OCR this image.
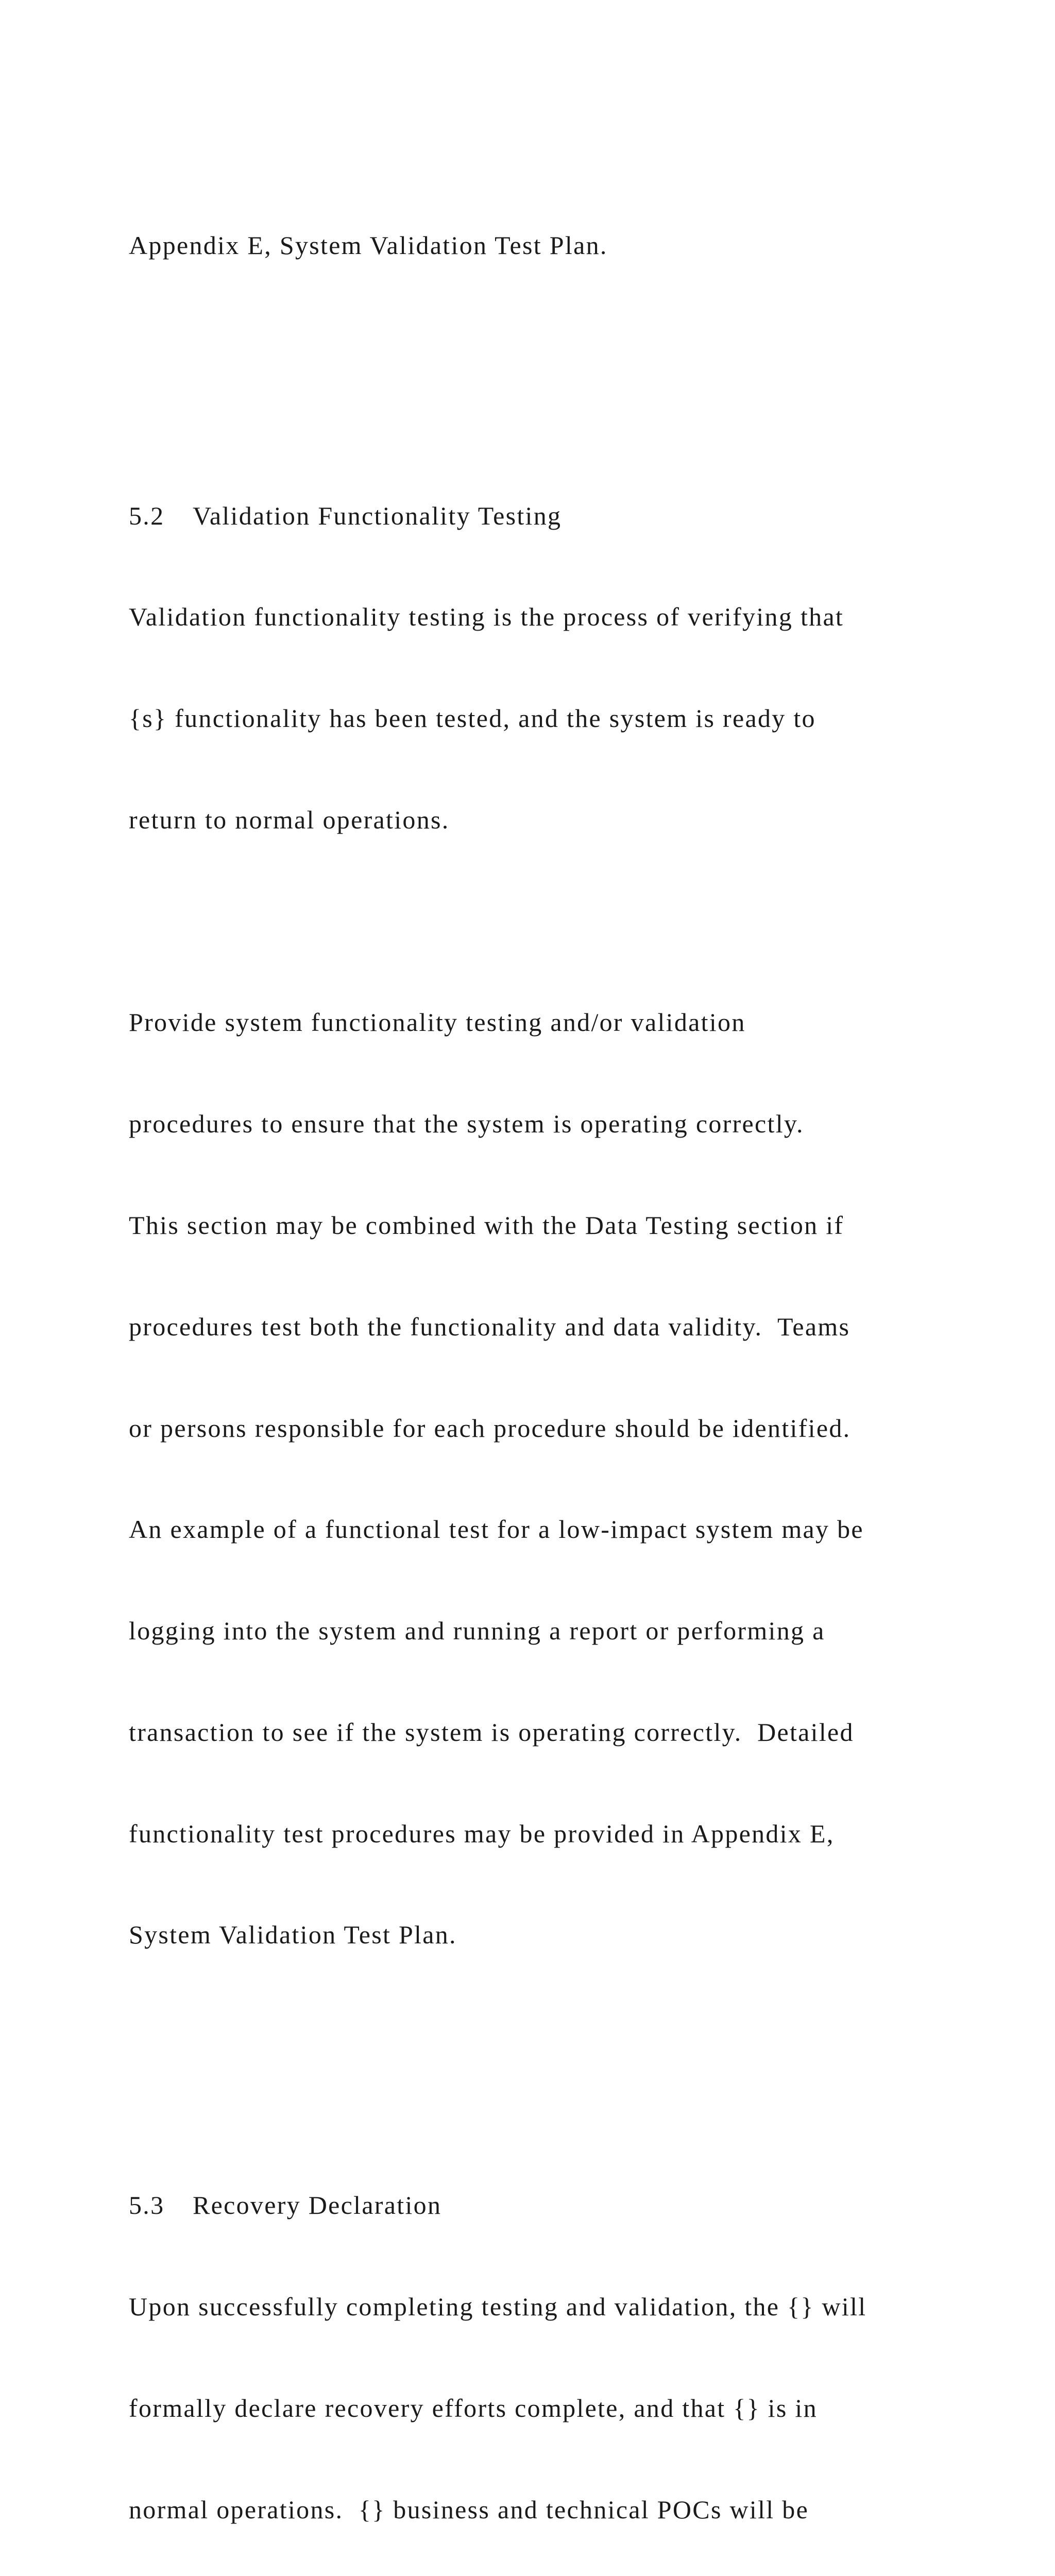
Appendix E, System Validation Test Plan.

5.2 Validation Functionality Testing

Validation functionality testing is the process of verifying that

{s} functionality has been tested, and the system is ready to

return to normal operations.

Provide system functionality testing and/or validation

procedures to ensure that the system is operating correctly.

This section may be combined with the Data Testing section if

procedures test both the functionality and data validity.  Teams

or persons responsible for each procedure should be identified.

An example of a functional test for a low-impact system may be

logging into the system and running a report or performing a

transaction to see if the system is operating correctly.  Detailed

functionality test procedures may be provided in Appendix E,

System Validation Test Plan.

5.3 Recovery Declaration

Upon successfully completing testing and validation, the {} will

formally declare recovery efforts complete, and that {} is in

normal operations.  {} business and technical POCs will be
